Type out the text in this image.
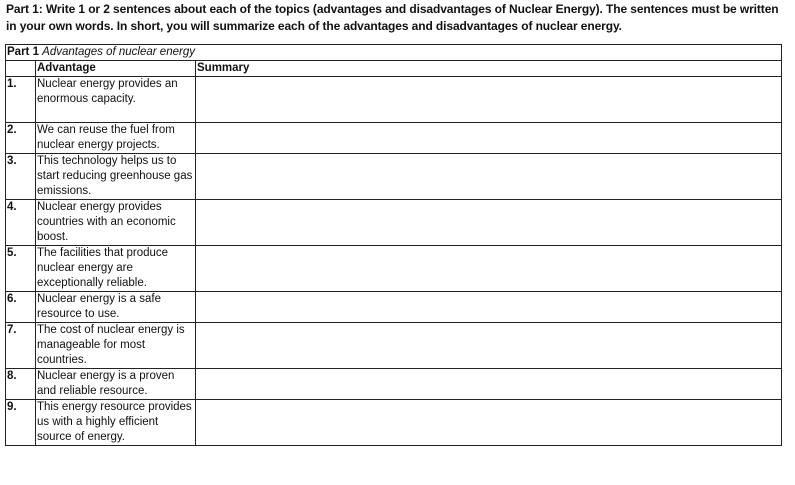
Part 1: Write 1 or 2 sentences about each of the topics (advantages and disadvantages of Nuclear Energy). The sentences must be written in your own words. In short, you will summarize each of the advantages and disadvantages of nuclear energy.
Part 1 Advantages of nuclear energy		
	Advantage	Summary
1.	Nuclear energy provides an enormous capacity.	
2.	We can reuse the fuel from nuclear energy projects.	
3.	This technology helps us to start reducing greenhouse gas emissions.	
4.	Nuclear energy provides countries with an economic boost.	
5.	The facilities that produce nuclear energy are exceptionally reliable.	
6.	Nuclear energy is a safe resource to use.	
7.	The cost of nuclear energy is manageable for most countries.	
8.	Nuclear energy is a proven and reliable resource.	
9.	This energy resource provides us with a highly efficient source of energy.	
